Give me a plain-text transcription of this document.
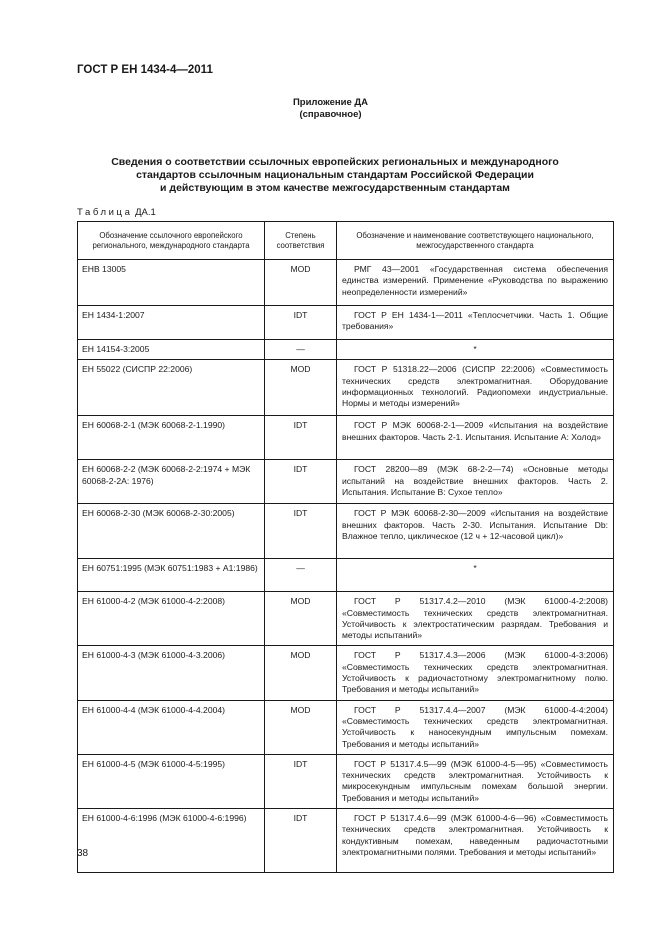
ГОСТ Р ЕН 1434-4—2011
Приложение ДА
(справочное)
Сведения о соответствии ссылочных европейских региональных и международного
стандартов ссылочным национальным стандартам Российской Федерации
и действующим в этом качестве межгосударственным стандартам
Таблица ДА.1
Обозначение ссылочного европейского регионального, международного стандарта	Степень соответствия	Обозначение и наименование соответствующего национального, межгосударственного стандарта
ЕНВ 13005	MOD	РМГ 43—2001 «Государственная система обеспечения единства измерений. Применение «Руководства по выражению неопределенности измерений»
ЕН 1434-1:2007	IDT	ГОСТ Р ЕН 1434-1—2011 «Теплосчетчики. Часть 1. Общие требования»
ЕН 14154-3:2005	—	*
ЕН 55022 (СИСПР 22:2006)	MOD	ГОСТ Р 51318.22—2006 (СИСПР 22:2006) «Совместимость технических средств электромагнитная. Оборудование информационных технологий. Радиопомехи индустриальные. Нормы и методы измерений»
ЕН 60068-2-1 (МЭК 60068-2-1.1990)	IDT	ГОСТ Р МЭК 60068-2-1—2009 «Испытания на воздействие внешних факторов. Часть 2-1. Испытания. Испытание А: Холод»
ЕН 60068-2-2 (МЭК 60068-2-2:1974 + МЭК 60068-2-2А: 1976)	IDT	ГОСТ 28200—89 (МЭК 68-2-2—74) «Основные методы испытаний на воздействие внешних факторов. Часть 2. Испытания. Испытание В: Сухое тепло»
ЕН 60068-2-30 (МЭК 60068-2-30:2005)	IDT	ГОСТ Р МЭК 60068-2-30—2009 «Испытания на воздействие внешних факторов. Часть 2-30. Испытания. Испытание Db: Влажное тепло, циклическое (12 ч + 12-часовой цикл)»
ЕН 60751:1995 (МЭК 60751:1983 + А1:1986)	—	*
ЕН 61000-4-2 (МЭК 61000-4-2:2008)	MOD	ГОСТ Р 51317.4.2—2010 (МЭК 61000-4-2:2008) «Совместимость технических средств электромагнитная. Устойчивость к электростатическим разрядам. Требования и методы испытаний»
ЕН 61000-4-3 (МЭК 61000-4-3.2006)	MOD	ГОСТ Р 51317.4.3—2006 (МЭК 61000-4-3:2006) «Совместимость технических средств электромагнитная. Устойчивость к радиочастотному электромагнитному полю. Требования и методы испытаний»
ЕН 61000-4-4 (МЭК 61000-4-4.2004)	MOD	ГОСТ Р 51317.4.4—2007 (МЭК 61000-4-4:2004) «Совместимость технических средств электромагнитная. Устойчивость к наносекундным импульсным помехам. Требования и методы испытаний»
ЕН 61000-4-5 (МЭК 61000-4-5:1995)	IDT	ГОСТ Р 51317.4.5—99 (МЭК 61000-4-5—95) «Совместимость технических средств электромагнитная. Устойчивость к микросекундным импульсным помехам большой энергии. Требования и методы испытаний»
ЕН 61000-4-6:1996 (МЭК 61000-4-6:1996)	IDT	ГОСТ Р 51317.4.6—99 (МЭК 61000-4-6—96) «Совместимость технических средств электромагнитная. Устойчивость к кондуктивным помехам, наведенным радиочастотными электромагнитными полями. Требования и методы испытаний»
38
